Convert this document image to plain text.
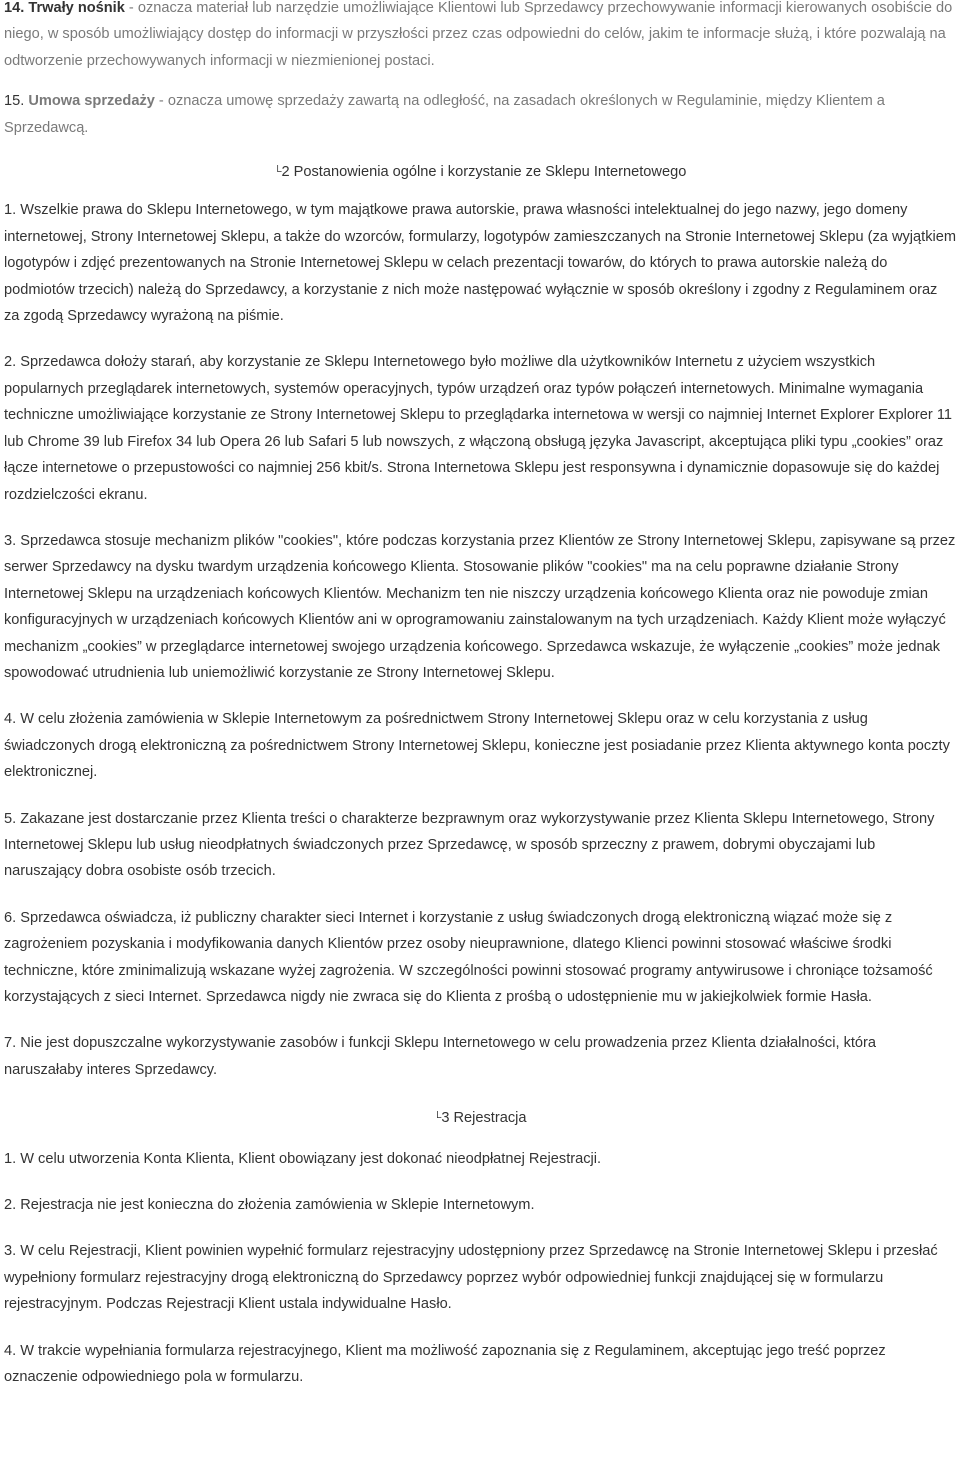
14. Trwały nośnik - oznacza materiał lub narzędzie umożliwiające Klientowi lub Sprzedawcy przechowywanie informacji kierowanych osobiście do niego, w sposób umożliwiający dostęp do informacji w przyszłości przez czas odpowiedni do celów, jakim te informacje służą, i które pozwalają na odtworzenie przechowywanych informacji w niezmienionej postaci.

15. Umowa sprzedaży - oznacza umowę sprzedaży zawartą na odległość, na zasadach określonych w Regulaminie, między Klientem a Sprzedawcą.

└2 Postanowienia ogólne i korzystanie ze Sklepu Internetowego

1. Wszelkie prawa do Sklepu Internetowego, w tym majątkowe prawa autorskie, prawa własności intelektualnej do jego nazwy, jego domeny internetowej, Strony Internetowej Sklepu, a także do wzorców, formularzy, logotypów zamieszczanych na Stronie Internetowej Sklepu (za wyjątkiem logotypów i zdjęć prezentowanych na Stronie Internetowej Sklepu w celach prezentacji towarów, do których to prawa autorskie należą do podmiotów trzecich) należą do Sprzedawcy, a korzystanie z nich może następować wyłącznie w sposób określony i zgodny z Regulaminem oraz za zgodą Sprzedawcy wyrażoną na piśmie.

2. Sprzedawca dołoży starań, aby korzystanie ze Sklepu Internetowego było możliwe dla użytkowników Internetu z użyciem wszystkich popularnych przeglądarek internetowych, systemów operacyjnych, typów urządzeń oraz typów połączeń internetowych. Minimalne wymagania techniczne umożliwiające korzystanie ze Strony Internetowej Sklepu to przeglądarka internetowa w wersji co najmniej Internet Explorer Explorer 11 lub Chrome 39 lub Firefox 34 lub Opera 26 lub Safari 5 lub nowszych, z włączoną obsługą języka Javascript, akceptująca pliki typu „cookies” oraz łącze internetowe o przepustowości co najmniej 256 kbit/s. Strona Internetowa Sklepu jest responsywna i dynamicznie dopasowuje się do każdej rozdzielczości ekranu.

3. Sprzedawca stosuje mechanizm plików "cookies", które podczas korzystania przez Klientów ze Strony Internetowej Sklepu, zapisywane są przez serwer Sprzedawcy na dysku twardym urządzenia końcowego Klienta. Stosowanie plików "cookies" ma na celu poprawne działanie Strony Internetowej Sklepu na urządzeniach końcowych Klientów. Mechanizm ten nie niszczy urządzenia końcowego Klienta oraz nie powoduje zmian konfiguracyjnych w urządzeniach końcowych Klientów ani w oprogramowaniu zainstalowanym na tych urządzeniach. Każdy Klient może wyłączyć mechanizm „cookies” w przeglądarce internetowej swojego urządzenia końcowego. Sprzedawca wskazuje, że wyłączenie „cookies” może jednak spowodować utrudnienia lub uniemożliwić korzystanie ze Strony Internetowej Sklepu.

4. W celu złożenia zamówienia w Sklepie Internetowym za pośrednictwem Strony Internetowej Sklepu oraz w celu korzystania z usług świadczonych drogą elektroniczną za pośrednictwem Strony Internetowej Sklepu, konieczne jest posiadanie przez Klienta aktywnego konta poczty elektronicznej.

5. Zakazane jest dostarczanie przez Klienta treści o charakterze bezprawnym oraz wykorzystywanie przez Klienta Sklepu Internetowego, Strony Internetowej Sklepu lub usług nieodpłatnych świadczonych przez Sprzedawcę, w sposób sprzeczny z prawem, dobrymi obyczajami lub naruszający dobra osobiste osób trzecich.

6. Sprzedawca oświadcza, iż publiczny charakter sieci Internet i korzystanie z usług świadczonych drogą elektroniczną wiązać może się z zagrożeniem pozyskania i modyfikowania danych Klientów przez osoby nieuprawnione, dlatego Klienci powinni stosować właściwe środki techniczne, które zminimalizują wskazane wyżej zagrożenia. W szczególności powinni stosować programy antywirusowe i chroniące tożsamość korzystających z sieci Internet. Sprzedawca nigdy nie zwraca się do Klienta z prośbą o udostępnienie mu w jakiejkolwiek formie Hasła.

7. Nie jest dopuszczalne wykorzystywanie zasobów i funkcji Sklepu Internetowego w celu prowadzenia przez Klienta działalności, która naruszałaby interes Sprzedawcy.

└3 Rejestracja

1. W celu utworzenia Konta Klienta, Klient obowiązany jest dokonać nieodpłatnej Rejestracji.

2. Rejestracja nie jest konieczna do złożenia zamówienia w Sklepie Internetowym.

3. W celu Rejestracji, Klient powinien wypełnić formularz rejestracyjny udostępniony przez Sprzedawcę na Stronie Internetowej Sklepu i przesłać wypełniony formularz rejestracyjny drogą elektroniczną do Sprzedawcy poprzez wybór odpowiedniej funkcji znajdującej się w formularzu rejestracyjnym. Podczas Rejestracji Klient ustala indywidualne Hasło.

4. W trakcie wypełniania formularza rejestracyjnego, Klient ma możliwość zapoznania się z Regulaminem, akceptując jego treść poprzez oznaczenie odpowiedniego pola w formularzu.
